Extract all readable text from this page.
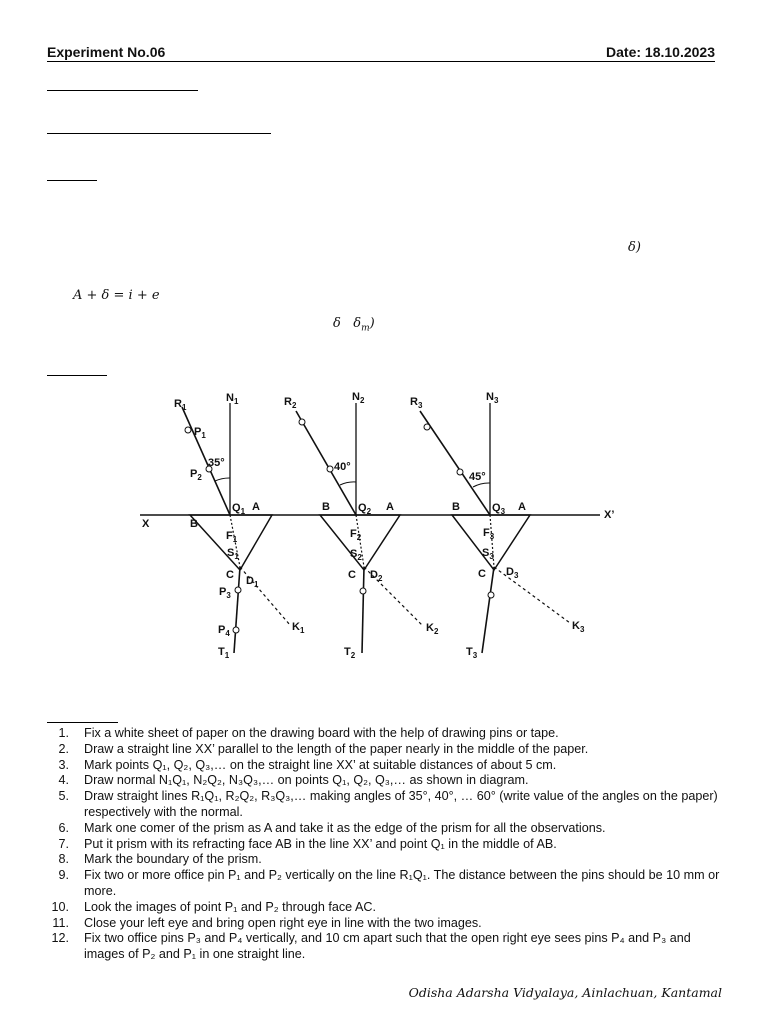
Experiment No.06	Date: 18.10.2023
δ)
A + δ = i + e
δ $\delta_m$)
X
X’
$R_1$
$N_1$
$P_1$
$P_2$
35°
$Q_1$ A
B
$F_1$
$S_1$
C $D_1$
$P_3$
$P_4$
$K_1$
$T_1$
$R_2$
$N_2$
40°
$Q_2$ A
B
$F_2$
$S_2$
C $D_2$
$K_2$
$T_2$
$R_3$
$N_3$
45°
$Q_3$ A
B
$F_3$
$S_3$
C $D_3$
$K_3$
$T_3$
1. Fix a white sheet of paper on the drawing board with the help of drawing pins or tape.
2. Draw a straight line XX’ parallel to the length of the paper nearly in the middle of the paper.
3. Mark points Q₁, Q₂, Q₃,… on the straight line XX’ at suitable distances of about 5 cm.
4. Draw normal N₁Q₁, N₂Q₂, N₃Q₃,… on points Q₁, Q₂, Q₃,… as shown in diagram.
5. Draw straight lines R₁Q₁, R₂Q₂, R₃Q₃,… making angles of 35°, 40°, … 60° (write value of the angles on the paper) respectively with the normal.
6. Mark one comer of the prism as A and take it as the edge of the prism for all the observations.
7. Put it prism with its refracting face AB in the line XX’ and point Q₁ in the middle of AB.
8. Mark the boundary of the prism.
9. Fix two or more office pin P₁ and P₂ vertically on the line R₁Q₁. The distance between the pins should be 10 mm or more.
10. Look the images of point P₁ and P₂ through face AC.
11. Close your left eye and bring open right eye in line with the two images.
12. Fix two office pins P₃ and P₄ vertically, and 10 cm apart such that the open right eye sees pins P₄ and P₃ and images of P₂ and P₁ in one straight line.
Odisha Adarsha Vidyalaya, Ainlachuan, Kantamal
